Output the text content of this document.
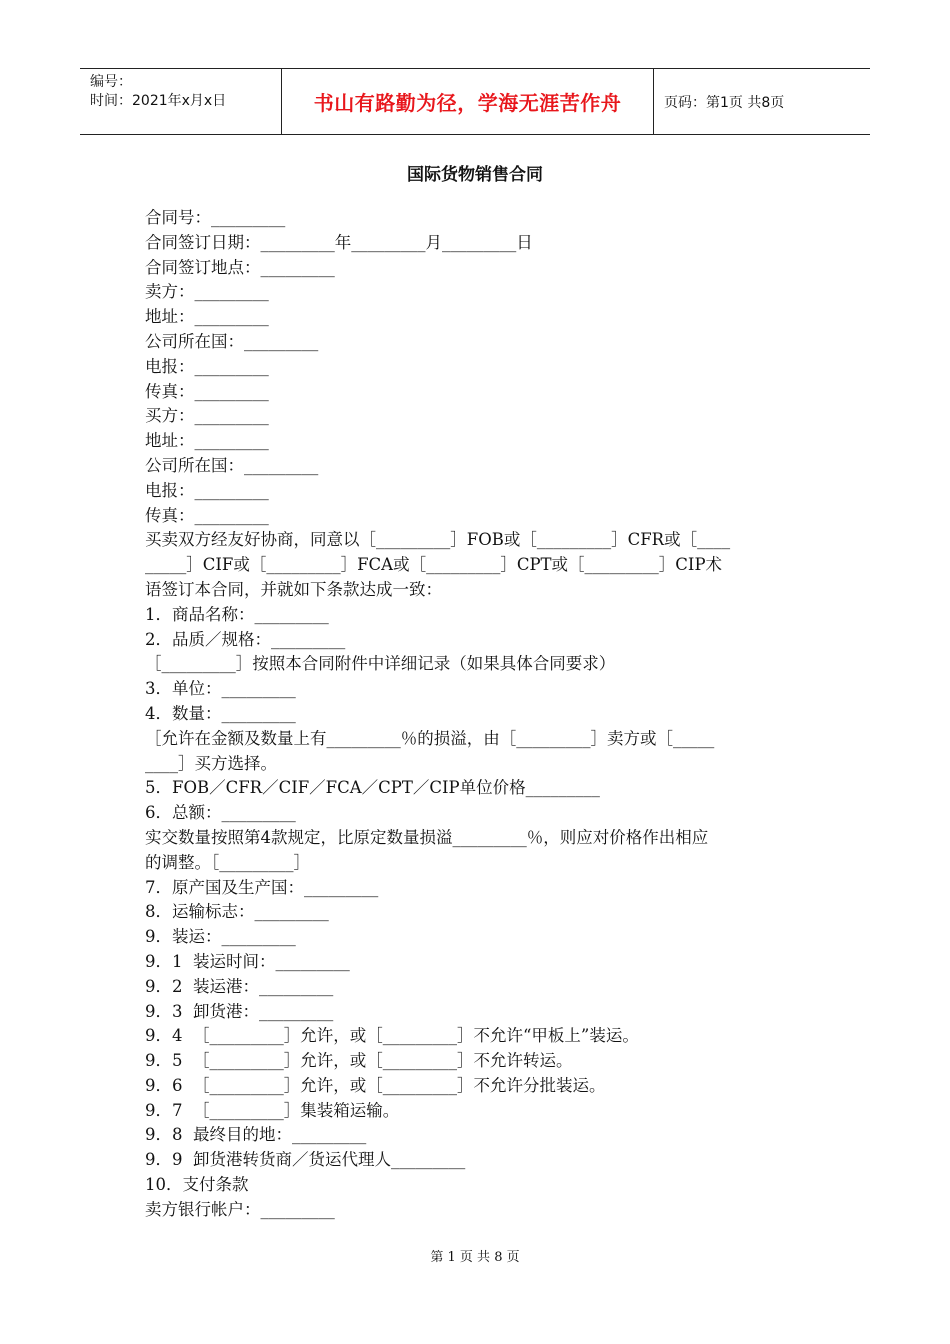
编号：
时间：2021年x月x日	书山有路勤为径，学海无涯苦作舟	页码：第1页 共8页
国际货物销售合同
合同号：_________
合同签订日期：_________年_________月_________日
合同签订地点：_________
卖方：_________
地址：_________
公司所在国：_________
电报：_________
传真：_________
买方：_________
地址：_________
公司所在国：_________
电报：_________
传真：_________
买卖双方经友好协商，同意以［_________］FOB或［_________］CFR或［____
_____］CIF或［_________］FCA或［_________］CPT或［_________］CIP术
语签订本合同，并就如下条款达成一致：
1．商品名称：_________
2．品质／规格：_________
［_________］按照本合同附件中详细记录（如果具体合同要求）
3．单位：_________
4．数量：_________
［允许在金额及数量上有_________％的损溢，由［_________］卖方或［_____
____］买方选择。
5．FOB／CFR／CIF／FCA／CPT／CIP单位价格_________
6．总额：_________
实交数量按照第4款规定，比原定数量损溢_________％，则应对价格作出相应
的调整。［_________］
7．原产国及生产国：_________
8．运输标志：_________
9．装运：_________
9．1  装运时间：_________
9．2  装运港：_________
9．3  卸货港：_________
9．4  ［_________］允许，或［_________］不允许“甲板上”装运。
9．5  ［_________］允许，或［_________］不允许转运。
9．6  ［_________］允许，或［_________］不允许分批装运。
9．7  ［_________］集装箱运输。
9．8  最终目的地：_________
9．9  卸货港转货商／货运代理人_________
10．支付条款
卖方银行帐户：_________
第 1 页 共 8 页
